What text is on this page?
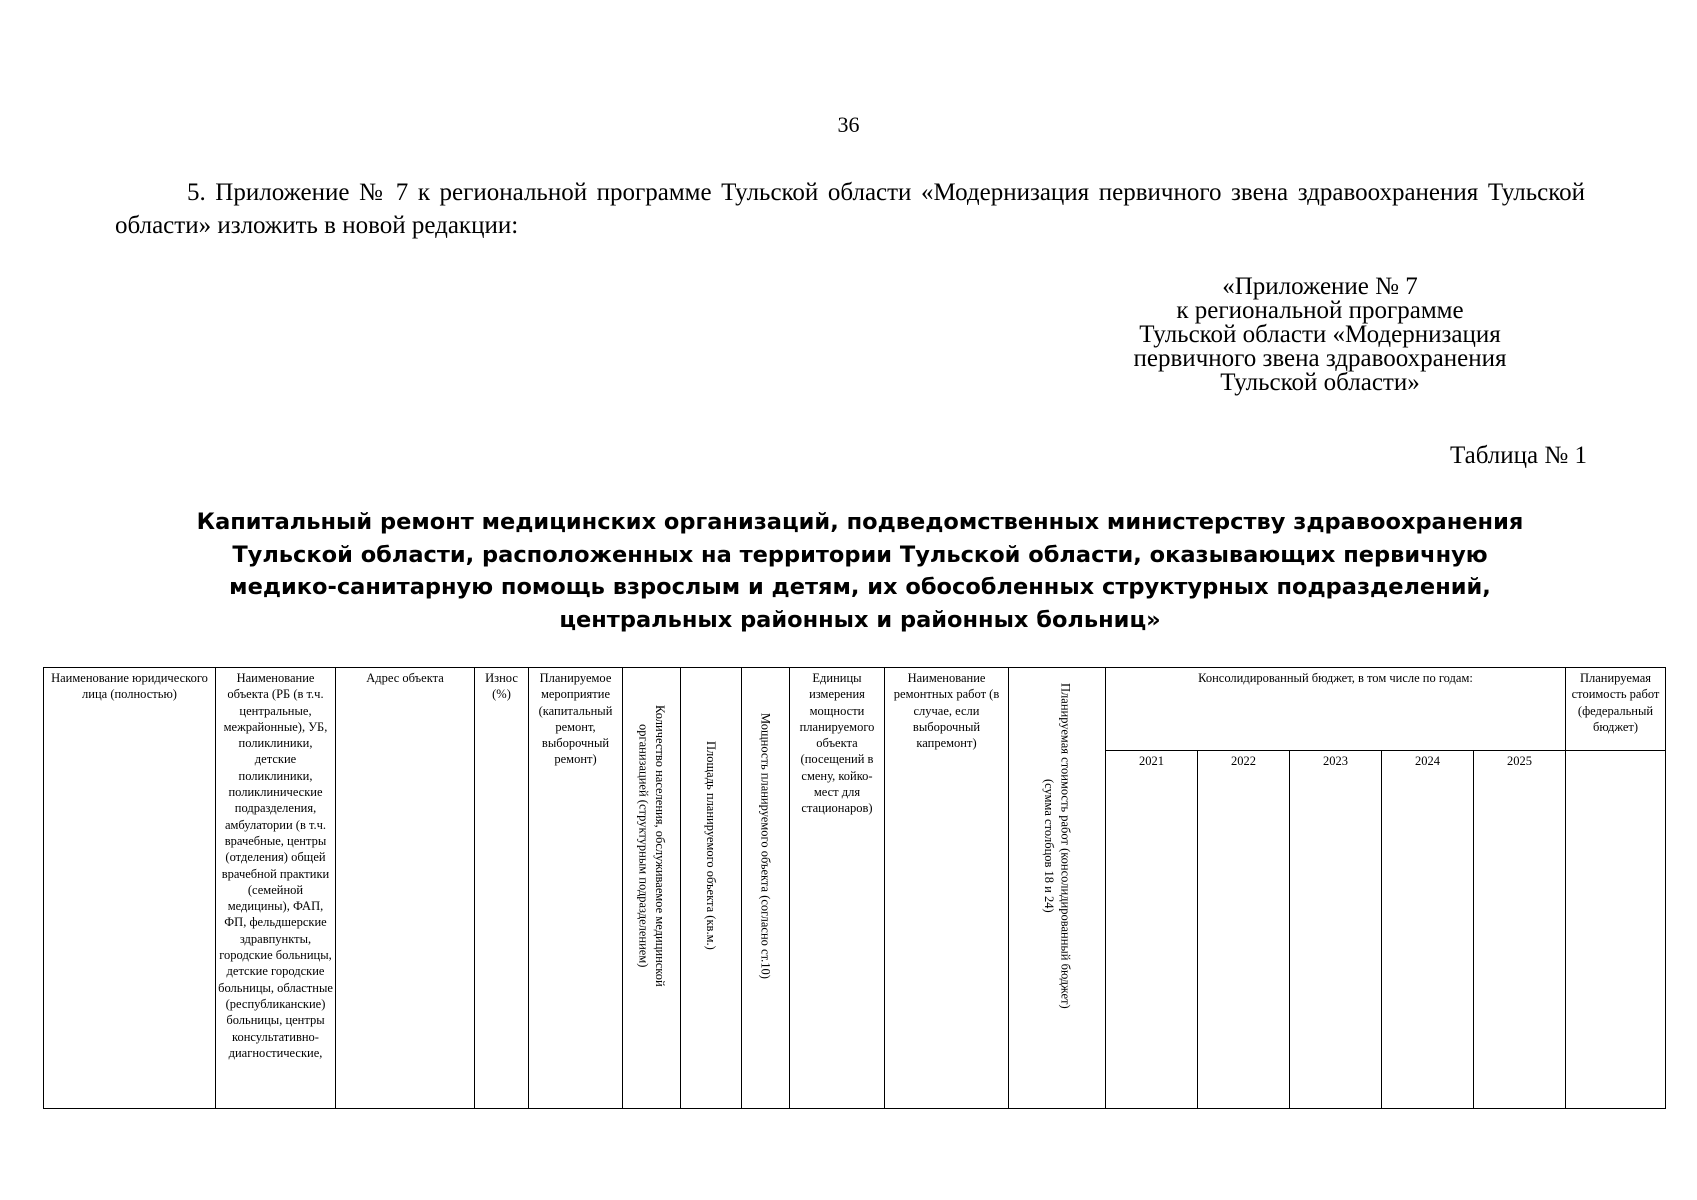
36
5. Приложение № 7 к региональной программе Тульской области «Модернизация первичного звена здравоохранения Тульской области» изложить в новой редакции:
«Приложение № 7
к региональной программе
Тульской области «Модернизация
первичного звена здравоохранения
Тульской области»
Таблица № 1
Капитальный ремонт медицинских организаций, подведомственных министерству здравоохранения
Тульской области, расположенных на территории Тульской области, оказывающих первичную
медико-санитарную помощь взрослым и детям, их обособленных структурных подразделений,
центральных районных и районных больниц»
Наименование юридического лица (полностью)	Наименование объекта (РБ (в т.ч. центральные, межрайонные), УБ, поликлиники, детские поликлиники, поликлинические подразделения, амбулатории (в т.ч. врачебные, центры (отделения) общей врачебной практики (семейной медицины), ФАП, ФП, фельдшерские здравпункты, городские больницы, детские городские больницы, областные (республиканские) больницы, центры консультативно-диагностические,	Адрес объекта	Износ (%)	Планируемое мероприятие (капитальный ремонт, выборочный ремонт)	Количество населения, обслуживаемое медицинской организацией (структурным подразделением)	Площадь планируемого объекта (кв.м.)	Мощность планируемого объекта (согласно ст.10)	Единицы измерения мощности планируемого объекта (посещений в смену, койко-мест для стационаров)	Наименование ремонтных работ (в случае, если выборочный капремонт)	Планируемая стоимость работ (консолидированный бюджет) (сумма столбцов 18 и 24)	Консолидированный бюджет, в том числе по годам:					Планируемая стоимость работ (федеральный бюджет)
											2021	2022	2023	2024	2025	
